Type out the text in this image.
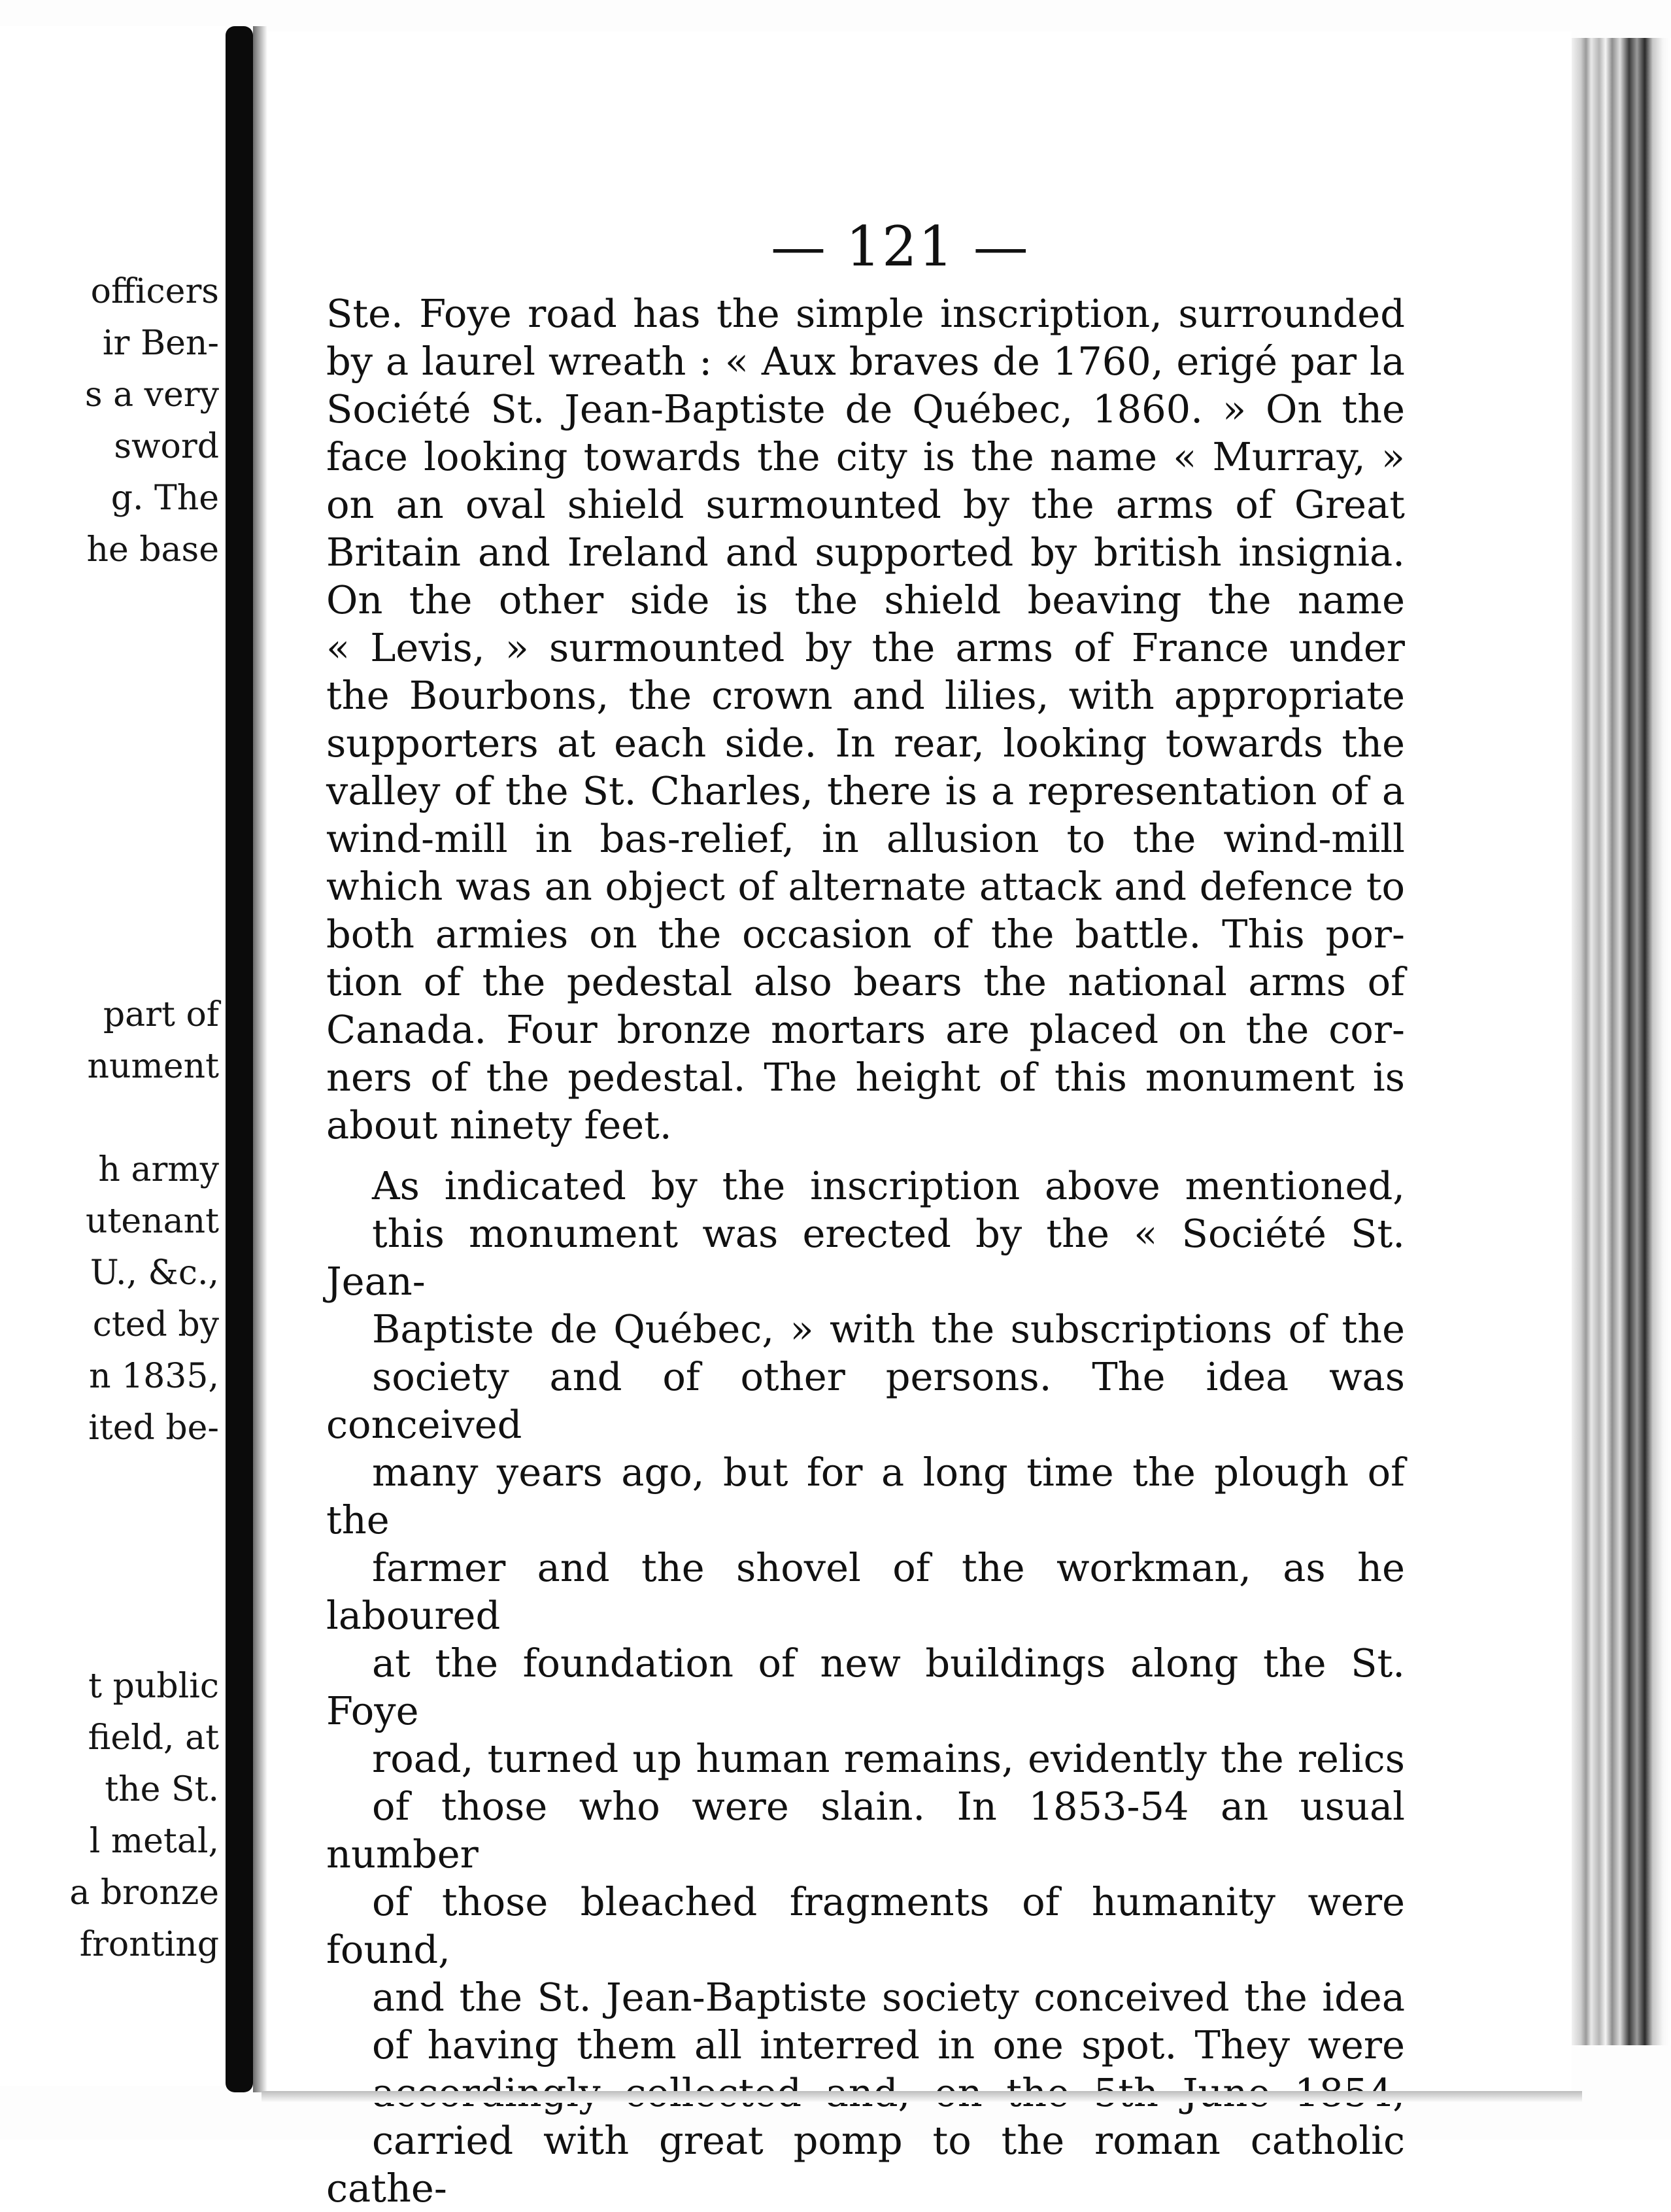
officers
ir Ben-
s a very
sword
g. The
he base
part of
nument
h army
utenant
U., &c.,
cted by
n 1835,
ited be-
t public
field, at
the St.
l metal,
a bronze
fronting
— 121 —

Ste. Foye road has the simple inscription, surrounded
by a laurel wreath : « Aux braves de 1760, erigé par la
Société St. Jean-Baptiste de Québec, 1860. » On the
face looking towards the city is the name « Murray, »
on an oval shield surmounted by the arms of Great
Britain and Ireland and supported by british insignia.
On the other side is the shield beaving the name
« Levis, » surmounted by the arms of France under
the Bourbons, the crown and lilies, with appropriate
supporters at each side. In rear, looking towards the
valley of the St. Charles, there is a representation of a
wind-mill in bas-relief, in allusion to the wind-mill
which was an object of alternate attack and defence to
both armies on the occasion of the battle. This por-
tion of the pedestal also bears the national arms of
Canada. Four bronze mortars are placed on the cor-
ners of the pedestal. The height of this monument is
about ninety feet.

As indicated by the inscription above mentioned,
this monument was erected by the « Société St. Jean-
Baptiste de Québec, » with the subscriptions of the
society and of other persons. The idea was conceived
many years ago, but for a long time the plough of the
farmer and the shovel of the workman, as he laboured
at the foundation of new buildings along the St. Foye
road, turned up human remains, evidently the relics
of those who were slain. In 1853-54 an usual number
of those bleached fragments of humanity were found,
and the St. Jean-Baptiste society conceived the idea
of having them all interred in one spot. They were
carried with great pomp to the roman catholic cathe-
